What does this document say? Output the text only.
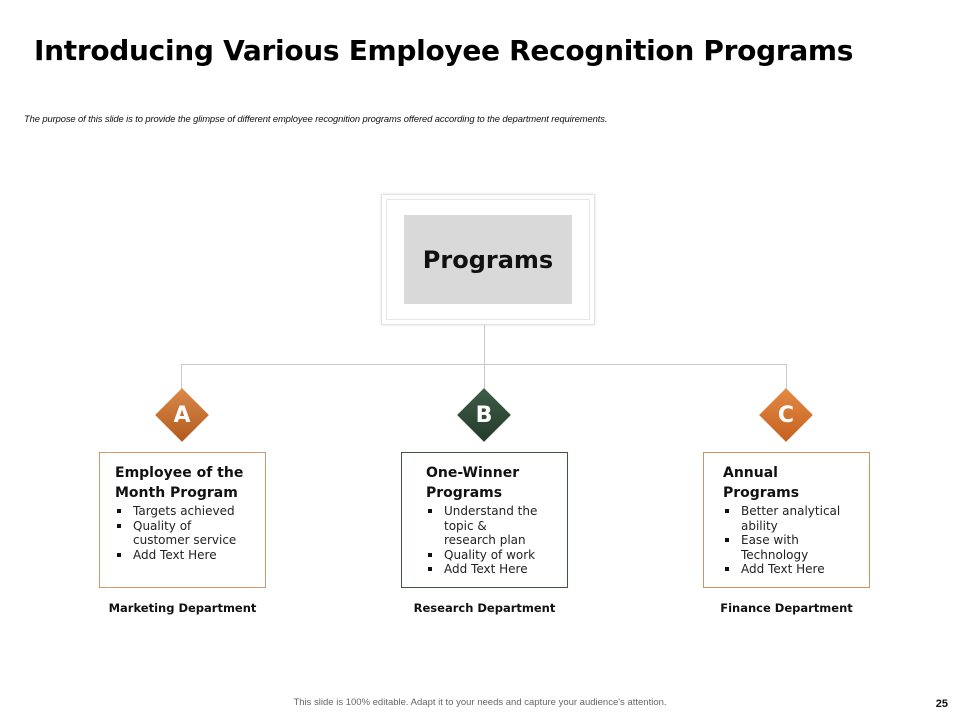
Introducing Various Employee Recognition Programs
The purpose of this slide is to provide the glimpse of different employee recognition programs offered according to the department requirements.
Programs
A	B	C
Employee of the
Month Program
Targets achieved
Quality of
customer service
Add Text Here
One-Winner
Programs
Understand the
topic &
research plan
Quality of work
Add Text Here
Annual
Programs
Better analytical
ability
Ease with
Technology
Add Text Here
Marketing Department	Research Department	Finance Department
This slide is 100% editable. Adapt it to your needs and capture your audience's attention.	25
